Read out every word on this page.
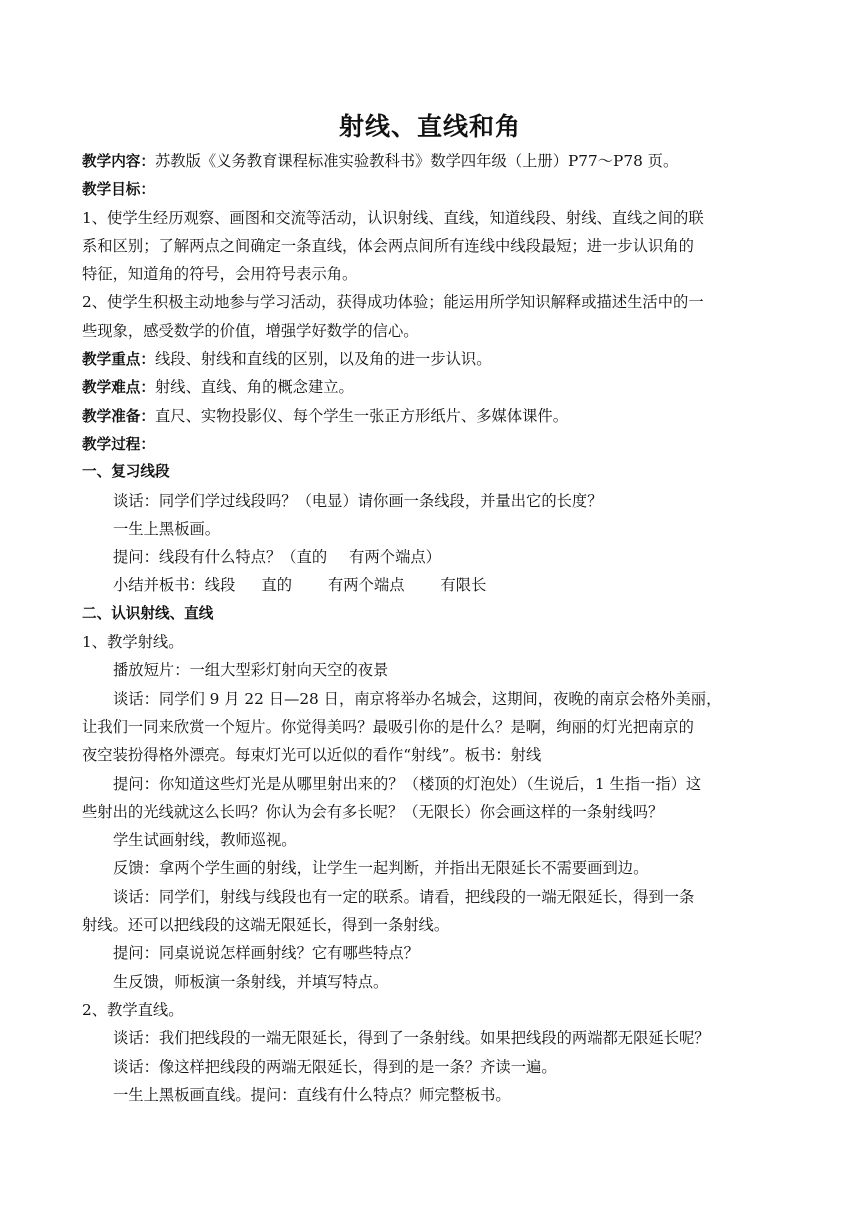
射线、直线和角
教学内容：苏教版《义务教育课程标准实验教科书》数学四年级（上册）P77～P78 页。
教学目标：
1、使学生经历观察、画图和交流等活动，认识射线、直线，知道线段、射线、直线之间的联
系和区别；了解两点之间确定一条直线，体会两点间所有连线中线段最短；进一步认识角的
特征，知道角的符号，会用符号表示角。
2、使学生积极主动地参与学习活动，获得成功体验；能运用所学知识解释或描述生活中的一
些现象，感受数学的价值，增强学好数学的信心。
教学重点：线段、射线和直线的区别，以及角的进一步认识。
教学难点：射线、直线、角的概念建立。
教学准备：直尺、实物投影仪、每个学生一张正方形纸片、多媒体课件。
教学过程：
一、复习线段
谈话：同学们学过线段吗？（电显）请你画一条线段，并量出它的长度？
一生上黑板画。
提问：线段有什么特点？（直的 有两个端点）
小结并板书：线段 直的 有两个端点 有限长
二、认识射线、直线
1、教学射线。
播放短片：一组大型彩灯射向天空的夜景
谈话：同学们 9 月 22 日—28 日，南京将举办名城会，这期间，夜晚的南京会格外美丽，
让我们一同来欣赏一个短片。你觉得美吗？最吸引你的是什么？是啊，绚丽的灯光把南京的
夜空装扮得格外漂亮。每束灯光可以近似的看作“射线”。板书：射线
提问：你知道这些灯光是从哪里射出来的？（楼顶的灯泡处）（生说后，1 生指一指）这
些射出的光线就这么长吗？你认为会有多长呢？（无限长）你会画这样的一条射线吗？
学生试画射线，教师巡视。
反馈：拿两个学生画的射线，让学生一起判断，并指出无限延长不需要画到边。
谈话：同学们，射线与线段也有一定的联系。请看，把线段的一端无限延长，得到一条
射线。还可以把线段的这端无限延长，得到一条射线。
提问：同桌说说怎样画射线？它有哪些特点？
生反馈，师板演一条射线，并填写特点。
2、教学直线。
谈话：我们把线段的一端无限延长，得到了一条射线。如果把线段的两端都无限延长呢？
谈话：像这样把线段的两端无限延长，得到的是一条？齐读一遍。
一生上黑板画直线。提问：直线有什么特点？师完整板书。
